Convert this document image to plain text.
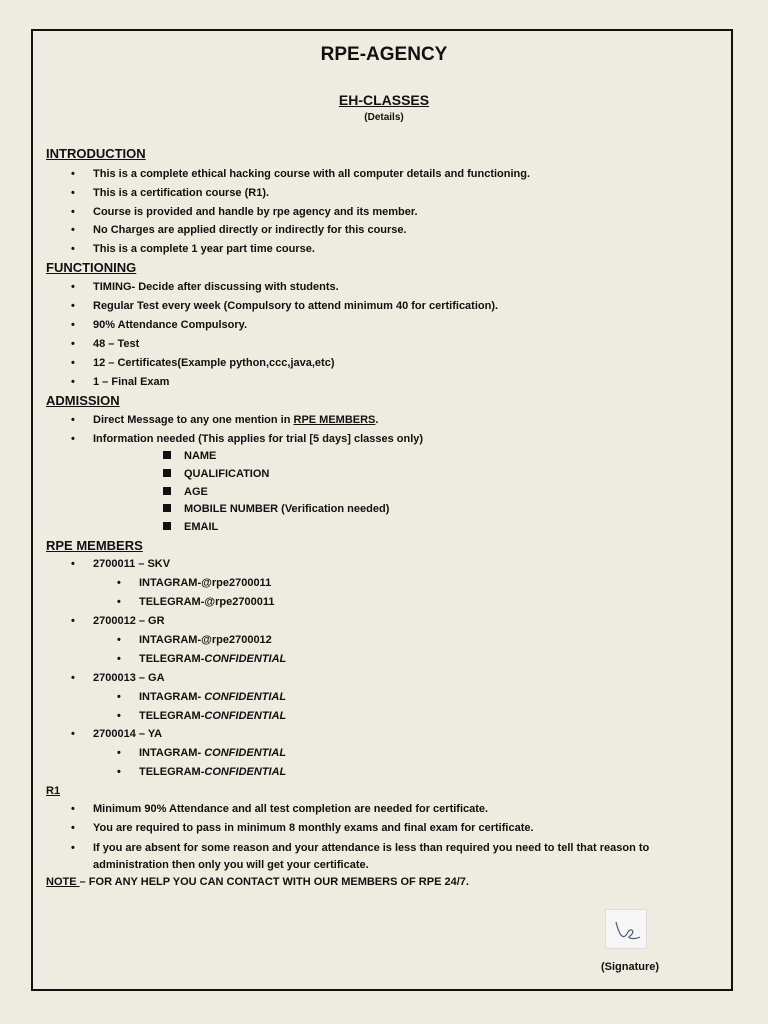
RPE-AGENCY
EH-CLASSES
(Details)
INTRODUCTION
• This is a complete ethical hacking course with all computer details and functioning.
• This is a certification course (R1).
• Course is provided and handle by rpe agency and its member.
• No Charges are applied directly or indirectly for this course.
• This is a complete 1 year part time course.
FUNCTIONING
• TIMING- Decide after discussing with students.
• Regular Test every week (Compulsory to attend minimum 40 for certification).
• 90% Attendance Compulsory.
• 48 – Test
• 12 – Certificates(Example python,ccc,java,etc)
• 1 – Final Exam
ADMISSION
• Direct Message to any one mention in RPE MEMBERS.
• Information needed (This applies for trial [5 days] classes only)
NAME
QUALIFICATION
AGE
MOBILE NUMBER (Verification needed)
EMAIL
RPE MEMBERS
• 2700011 – SKV
• INTAGRAM-@rpe2700011
• TELEGRAM-@rpe2700011
• 2700012 – GR
• INTAGRAM-@rpe2700012
• TELEGRAM-CONFIDENTIAL
• 2700013 – GA
• INTAGRAM- CONFIDENTIAL
• TELEGRAM-CONFIDENTIAL
• 2700014 – YA
• INTAGRAM- CONFIDENTIAL
• TELEGRAM-CONFIDENTIAL
R1
• Minimum 90% Attendance and all test completion are needed for certificate.
• You are required to pass in minimum 8 monthly exams and final exam for certificate.
•	If you are absent for some reason and your attendance is less than required you need to tell that reason to administration then only you will get your certificate.
NOTE – FOR ANY HELP YOU CAN CONTACT WITH OUR MEMBERS OF RPE 24/7.
(Signature)
